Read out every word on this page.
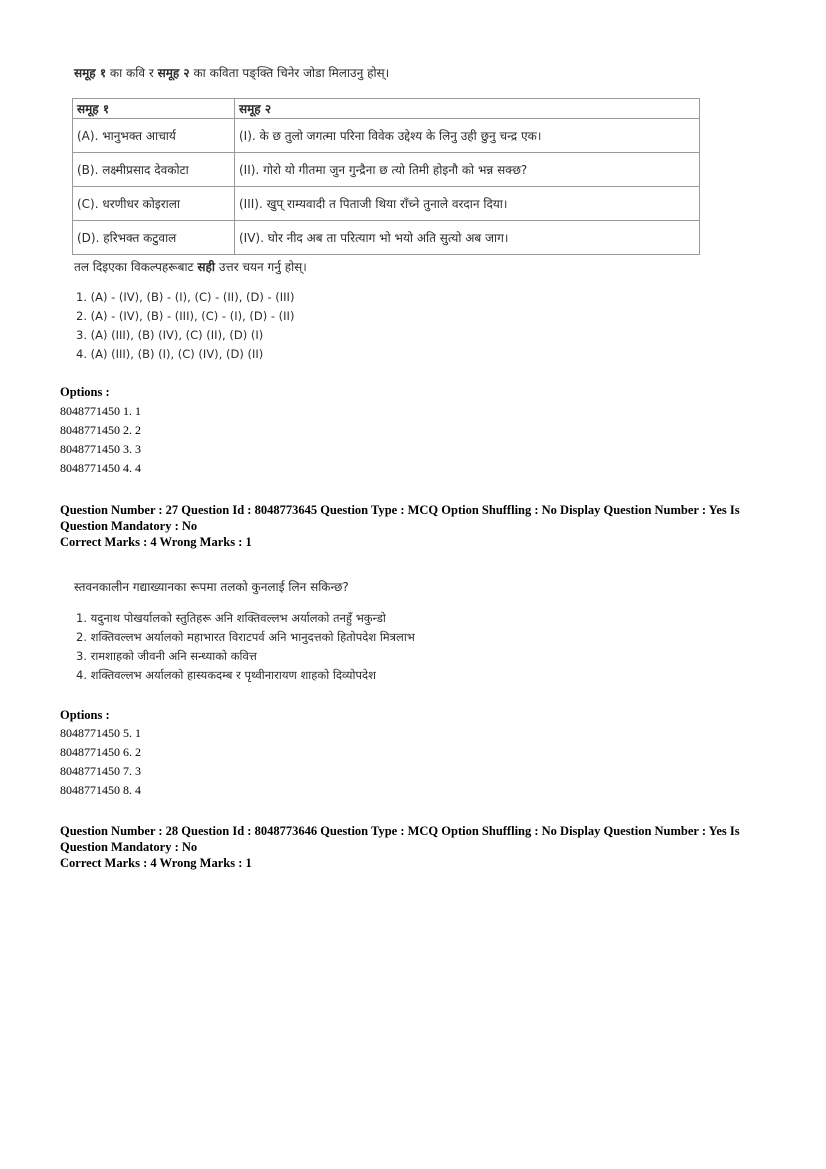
समूह १ का कवि र समूह २ का कविता पङ्क्ति चिनेर जोडा मिलाउनु होस्।
समूह १	समूह २
(A). भानुभक्त आचार्य	(I). के छ तुलो जगत्मा परिना विवेक उद्देश्य के लिनु उही छुनु चन्द्र एक।
(B). लक्ष्मीप्रसाद देवकोटा	(II). गोरो यो गीतमा जुन गुन्द्रैना छ त्यो तिमी होइनौ को भन्न सक्छ?
(C). धरणीधर कोइराला	(III). खुप् राम्यवादी त पिताजी थिया राँच्ने तुनाले वरदान दिया।
(D). हरिभक्त कटुवाल	(IV). घोर नीद अब ता परित्याग भो भयो अति सुत्यो अब जाग।
तल दिइएका विकल्पहरूबाट सही उत्तर चयन गर्नु होस्।
1. (A) - (IV), (B) - (I), (C) - (II), (D) - (III)
2. (A) - (IV), (B) - (III), (C) - (I), (D) - (II)
3. (A) (III), (B) (IV), (C) (II), (D) (I)
4. (A) (III), (B) (I), (C) (IV), (D) (II)
Options :
8048771450 1. 1
8048771450 2. 2
8048771450 3. 3
8048771450 4. 4
Question Number : 27 Question Id : 8048773645 Question Type : MCQ Option Shuffling : No Display Question Number : Yes Is
Question Mandatory : No
Correct Marks : 4 Wrong Marks : 1
स्तवनकालीन गद्याख्यानका रूपमा तलको कुनलाई लिन सकिन्छ?
1. यदुनाथ पोखर्यालको स्तुतिहरू अनि शक्तिवल्लभ अर्यालको तनहुँ भकुन्डो
2. शक्तिवल्लभ अर्यालको महाभारत विराटपर्व अनि भानुदत्तको हितोपदेश मित्रलाभ
3. रामशाहको जीवनी अनि सन्ध्याको कवित्त
4. शक्तिवल्लभ अर्यालको हास्यकदम्ब र पृथ्वीनारायण शाहको दिव्योपदेश
Options :
8048771450 5. 1
8048771450 6. 2
8048771450 7. 3
8048771450 8. 4
Question Number : 28 Question Id : 8048773646 Question Type : MCQ Option Shuffling : No Display Question Number : Yes Is
Question Mandatory : No
Correct Marks : 4 Wrong Marks : 1
